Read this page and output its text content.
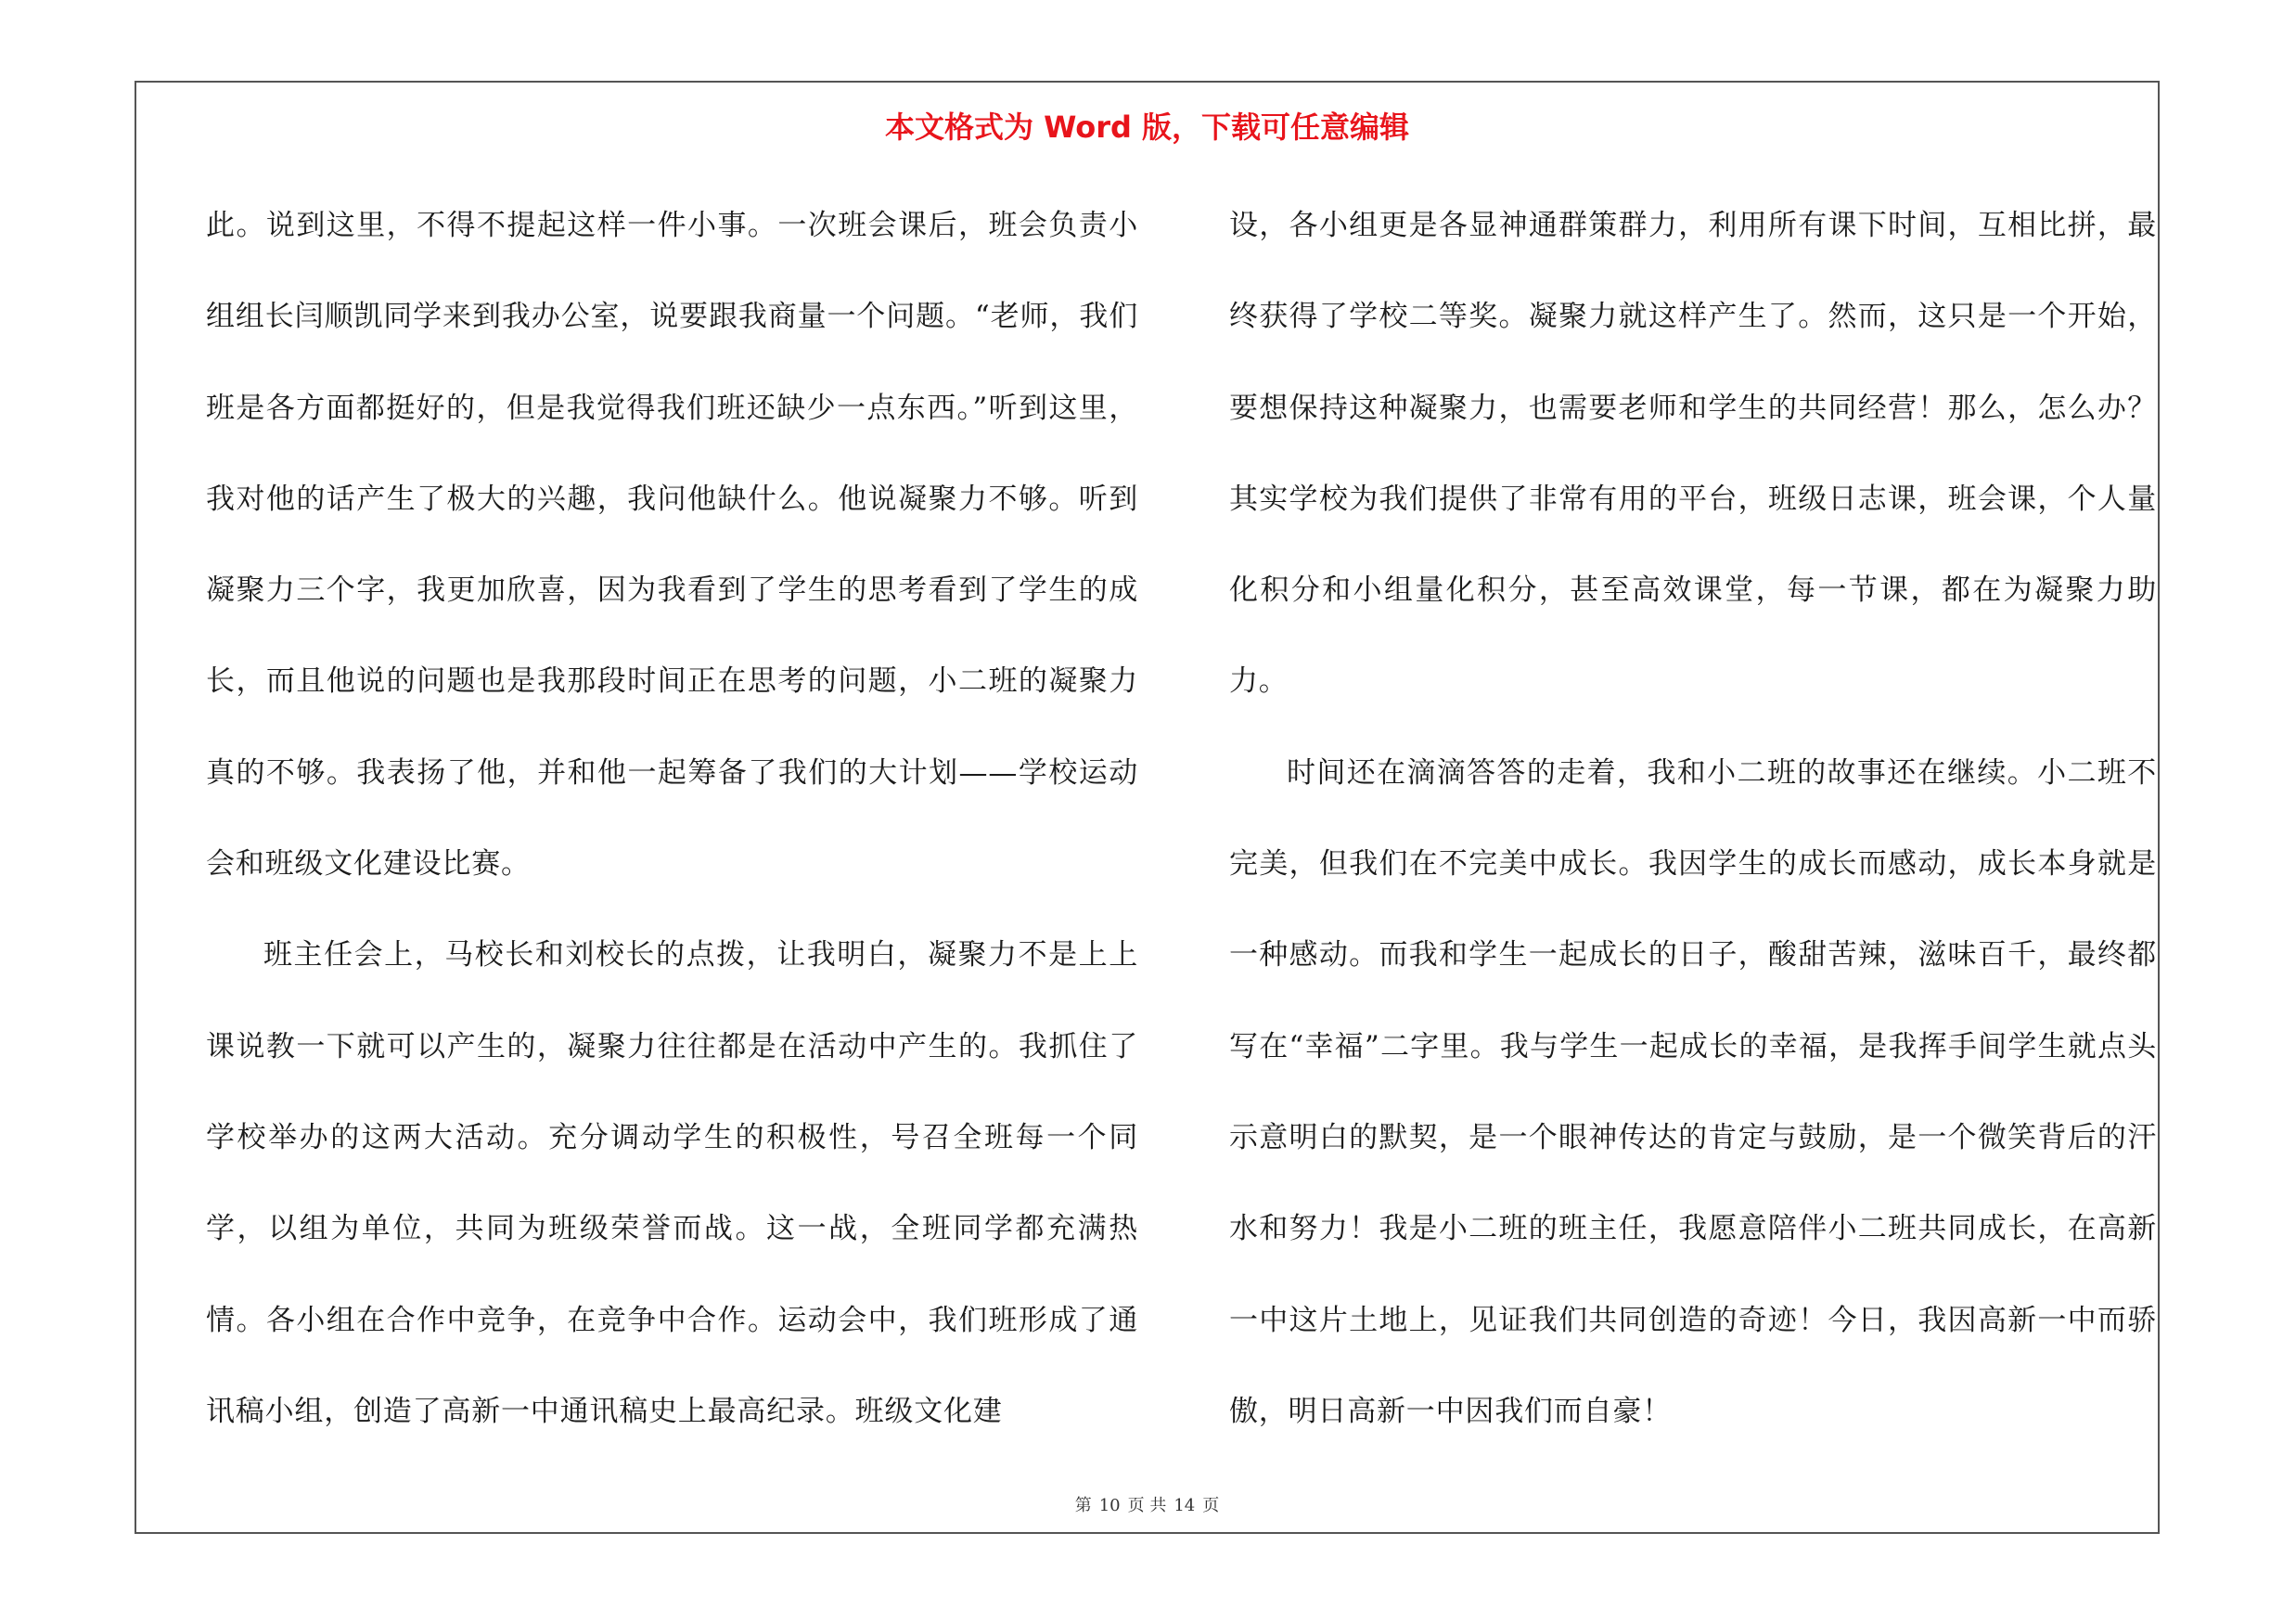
本文格式为 Word 版，下载可任意编辑

此。说到这里，不得不提起这样一件小事。一次班会课后，班会负责小组组长闫顺凯同学来到我办公室，说要跟我商量一个问题。“老师，我们班是各方面都挺好的，但是我觉得我们班还缺少一点东西。”听到这里，我对他的话产生了极大的兴趣，我问他缺什么。他说凝聚力不够。听到凝聚力三个字，我更加欣喜，因为我看到了学生的思考看到了学生的成长，而且他说的问题也是我那段时间正在思考的问题，小二班的凝聚力真的不够。我表扬了他，并和他一起筹备了我们的大计划——学校运动会和班级文化建设比赛。

班主任会上，马校长和刘校长的点拨，让我明白，凝聚力不是上上课说教一下就可以产生的，凝聚力往往都是在活动中产生的。我抓住了学校举办的这两大活动。充分调动学生的积极性，号召全班每一个同学，以组为单位，共同为班级荣誉而战。这一战，全班同学都充满热情。各小组在合作中竞争，在竞争中合作。运动会中，我们班形成了通讯稿小组，创造了高新一中通讯稿史上最高纪录。班级文化建

设，各小组更是各显神通群策群力，利用所有课下时间，互相比拼，最终获得了学校二等奖。凝聚力就这样产生了。然而，这只是一个开始，要想保持这种凝聚力，也需要老师和学生的共同经营！那么，怎么办？其实学校为我们提供了非常有用的平台，班级日志课，班会课，个人量化积分和小组量化积分，甚至高效课堂，每一节课，都在为凝聚力助力。

时间还在滴滴答答的走着，我和小二班的故事还在继续。小二班不完美，但我们在不完美中成长。我因学生的成长而感动，成长本身就是一种感动。而我和学生一起成长的日子，酸甜苦辣，滋味百千，最终都写在“幸福”二字里。我与学生一起成长的幸福，是我挥手间学生就点头示意明白的默契，是一个眼神传达的肯定与鼓励，是一个微笑背后的汗水和努力！我是小二班的班主任，我愿意陪伴小二班共同成长，在高新一中这片土地上，见证我们共同创造的奇迹！今日，我因高新一中而骄傲，明日高新一中因我们而自豪！

第 10 页 共 14 页
